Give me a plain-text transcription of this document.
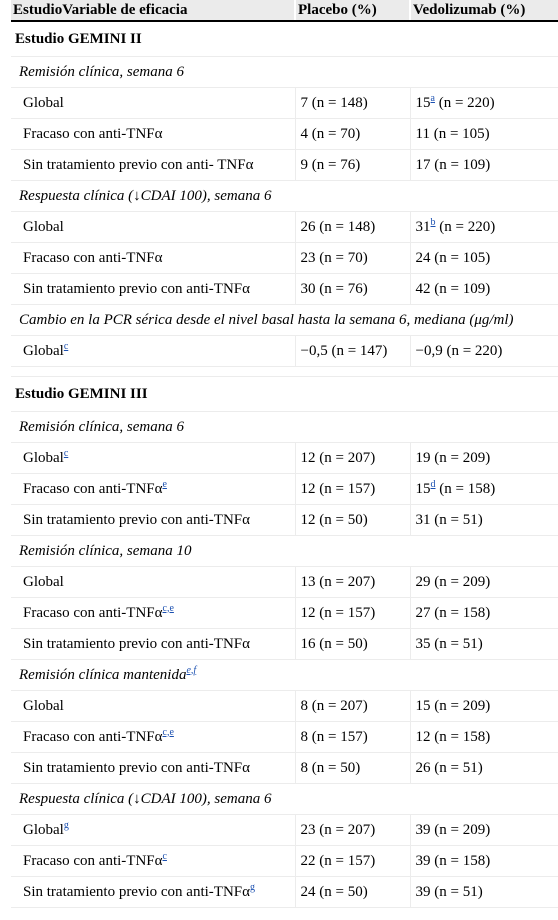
EstudioVariable de eficacia	Placebo (%)	Vedolizumab (%)
Estudio GEMINI II		
Remisión clínica, semana 6		
Global	7 (n = 148)	15$^a$ (n = 220)
Fracaso con anti-TNFα	4 (n = 70)	11 (n = 105)
Sin tratamiento previo con anti- TNFα	9 (n = 76)	17 (n = 109)
Respuesta clínica (↓CDAI 100), semana 6		
Global	26 (n = 148)	31$^b$ (n = 220)
Fracaso con anti-TNFα	23 (n = 70)	24 (n = 105)
Sin tratamiento previo con anti-TNFα	30 (n = 76)	42 (n = 109)
Cambio en la PCR sérica desde el nivel basal hasta la semana 6, mediana (μg/ml)		
Global$^c$	−0,5 (n = 147)	−0,9 (n = 220)

Estudio GEMINI III		
Remisión clínica, semana 6		
Global$^c$	12 (n = 207)	19 (n = 209)
Fracaso con anti-TNFα$^e$	12 (n = 157)	15$^d$ (n = 158)
Sin tratamiento previo con anti-TNFα	12 (n = 50)	31 (n = 51)
Remisión clínica, semana 10		
Global	13 (n = 207)	29 (n = 209)
Fracaso con anti-TNFα$^{c,e}$	12 (n = 157)	27 (n = 158)
Sin tratamiento previo con anti-TNFα	16 (n = 50)	35 (n = 51)
Remisión clínica mantenida$^{e,f}$
Global	8 (n = 207)	15 (n = 209)
Fracaso con anti-TNFα$^{c,e}$	8 (n = 157)	12 (n = 158)
Sin tratamiento previo con anti-TNFα	8 (n = 50)	26 (n = 51)
Respuesta clínica (↓CDAI 100), semana 6		
Global$^g$	23 (n = 207)	39 (n = 209)
Fracaso con anti-TNFα$^c$	22 (n = 157)	39 (n = 158)
Sin tratamiento previo con anti-TNFα$^g$	24 (n = 50)	39 (n = 51)
